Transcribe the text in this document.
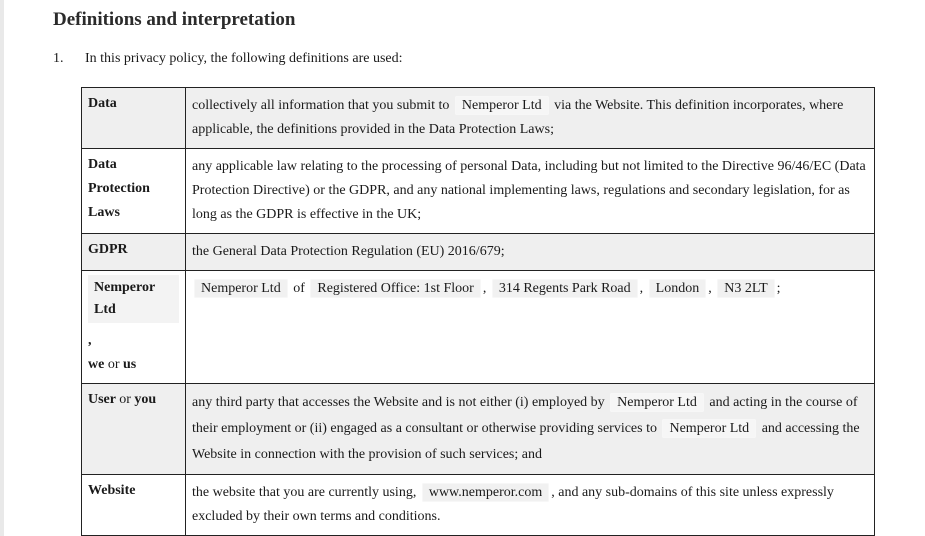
Definitions and interpretation
1. In this privacy policy, the following definitions are used:
Data	collectively all information that you submit to Nemperor Ltd via the Website. This definition incorporates, where applicable, the definitions provided in the Data Protection Laws;
Data Protection Laws	any applicable law relating to the processing of personal Data, including but not limited to the Directive 96/46/EC (Data Protection Directive) or the GDPR, and any national implementing laws, regulations and secondary legislation, for as long as the GDPR is effective in the UK;
GDPR	the General Data Protection Regulation (EU) 2016/679;
Nemperor Ltd
,
we or us	Nemperor Ltd of Registered Office: 1st Floor , 314 Regents Park Road , London , N3 2LT ;
User or you	any third party that accesses the Website and is not either (i) employed by Nemperor Ltd and acting in the course of their employment or (ii) engaged as a consultant or otherwise providing services to Nemperor Ltd and accessing the Website in connection with the provision of such services; and
Website	the website that you are currently using, www.nemperor.com , and any sub-domains of this site unless expressly excluded by their own terms and conditions.
